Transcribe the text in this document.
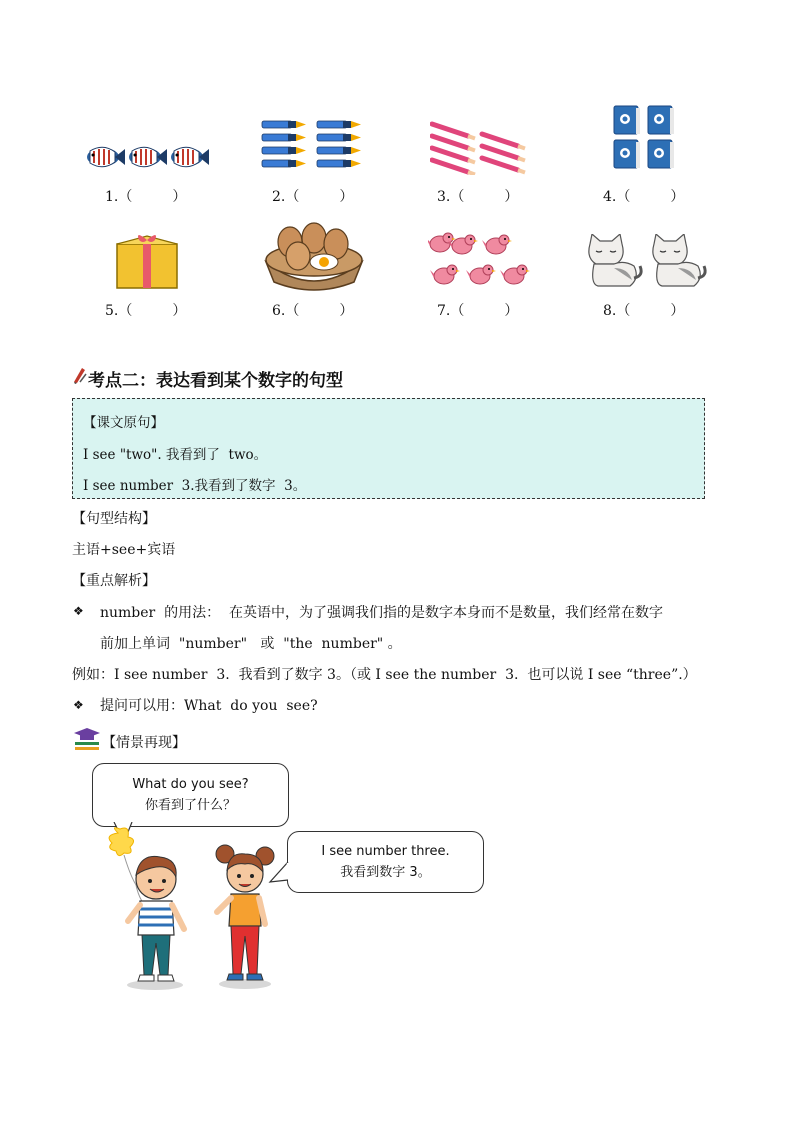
1.（         ）	2.（         ）	3.（         ）	4.（         ）
5.（         ）	6.（         ）	7.（         ）	8.（         ）
考点二：表达看到某个数字的句型
【课文原句】
I see "two". 我看到了  two。
I see number  3.我看到了数字  3。
【句型结构】
主语+see+宾语
【重点解析】
❖ number  的用法：  在英语中，为了强调我们指的是数字本身而不是数量，我们经常在数字
前加上单词  "number"   或  "the  number" 。
例如：I see number  3.  我看到了数字 3。（或 I see the number  3.  也可以说 I see “three”.）
❖ 提问可以用：What  do you  see?
【情景再现】
What do you see?
你看到了什么？
I see number three.
我看到数字 3。
